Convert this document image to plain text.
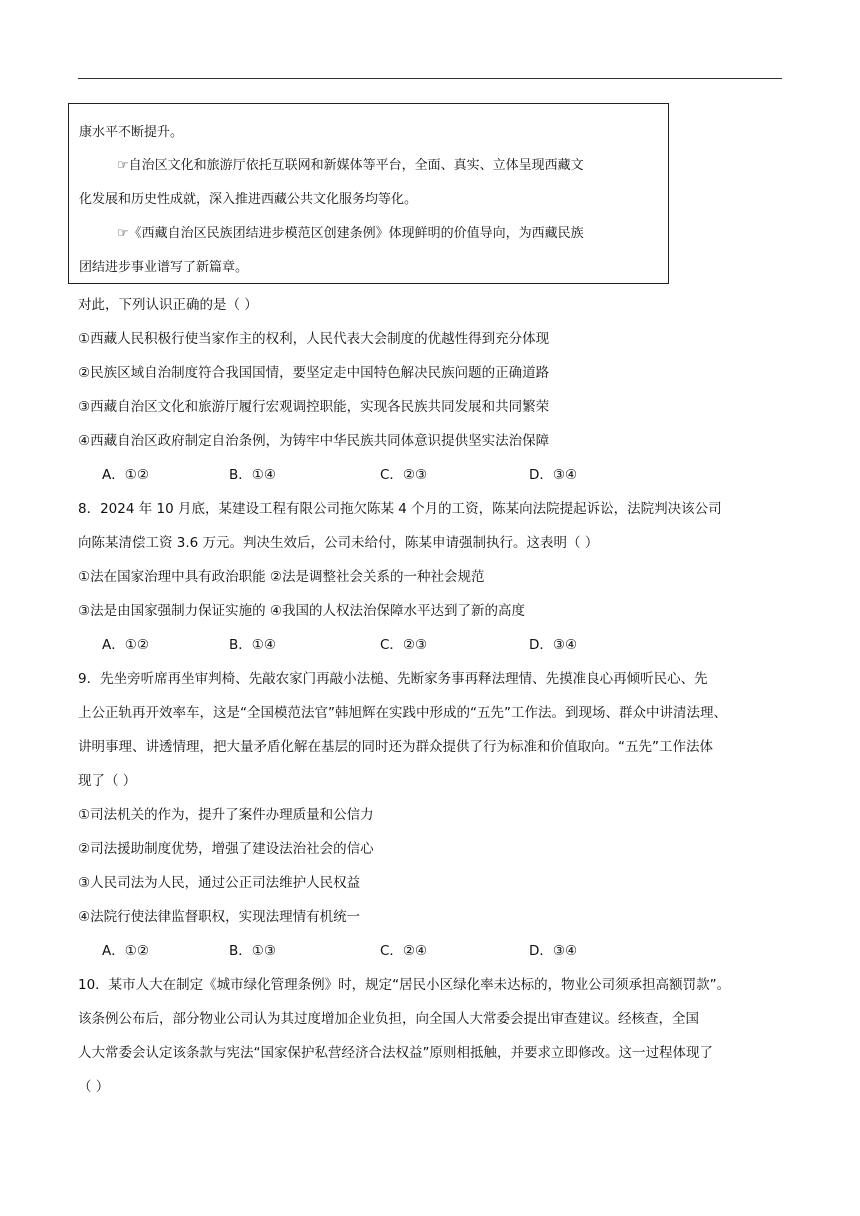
康水平不断提升。
☞自治区文化和旅游厅依托互联网和新媒体等平台，全面、真实、立体呈现西藏文
化发展和历史性成就，深入推进西藏公共文化服务均等化。
☞《西藏自治区民族团结进步模范区创建条例》体现鲜明的价值导向，为西藏民族
团结进步事业谱写了新篇章。
对此，下列认识正确的是（ ）
①西藏人民积极行使当家作主的权利，人民代表大会制度的优越性得到充分体现
②民族区域自治制度符合我国国情，要坚定走中国特色解决民族问题的正确道路
③西藏自治区文化和旅游厅履行宏观调控职能，实现各民族共同发展和共同繁荣
④西藏自治区政府制定自治条例，为铸牢中华民族共同体意识提供坚实法治保障
A．①②	B．①④	C．②③	D．③④
8．2024 年 10 月底，某建设工程有限公司拖欠陈某 4 个月的工资，陈某向法院提起诉讼，法院判决该公司
向陈某清偿工资 3.6 万元。判决生效后，公司未给付，陈某申请强制执行。这表明（ ）
①法在国家治理中具有政治职能 ②法是调整社会关系的一种社会规范
③法是由国家强制力保证实施的 ④我国的人权法治保障水平达到了新的高度
A．①②	B．①④	C．②③	D．③④
9．先坐旁听席再坐审判椅、先敲农家门再敲小法槌、先断家务事再释法理情、先摸准良心再倾听民心、先
上公正轨再开效率车，这是“全国模范法官”韩旭辉在实践中形成的“五先”工作法。到现场、群众中讲清法理、
讲明事理、讲透情理，把大量矛盾化解在基层的同时还为群众提供了行为标准和价值取向。“五先”工作法体
现了（ ）
①司法机关的作为，提升了案件办理质量和公信力
②司法援助制度优势，增强了建设法治社会的信心
③人民司法为人民，通过公正司法维护人民权益
④法院行使法律监督职权，实现法理情有机统一
A．①②	B．①③	C．②④	D．③④
10．某市人大在制定《城市绿化管理条例》时，规定“居民小区绿化率未达标的，物业公司须承担高额罚款”。
该条例公布后，部分物业公司认为其过度增加企业负担，向全国人大常委会提出审查建议。经核查，全国
人大常委会认定该条款与宪法“国家保护私营经济合法权益”原则相抵触，并要求立即修改。这一过程体现了
（ ）
